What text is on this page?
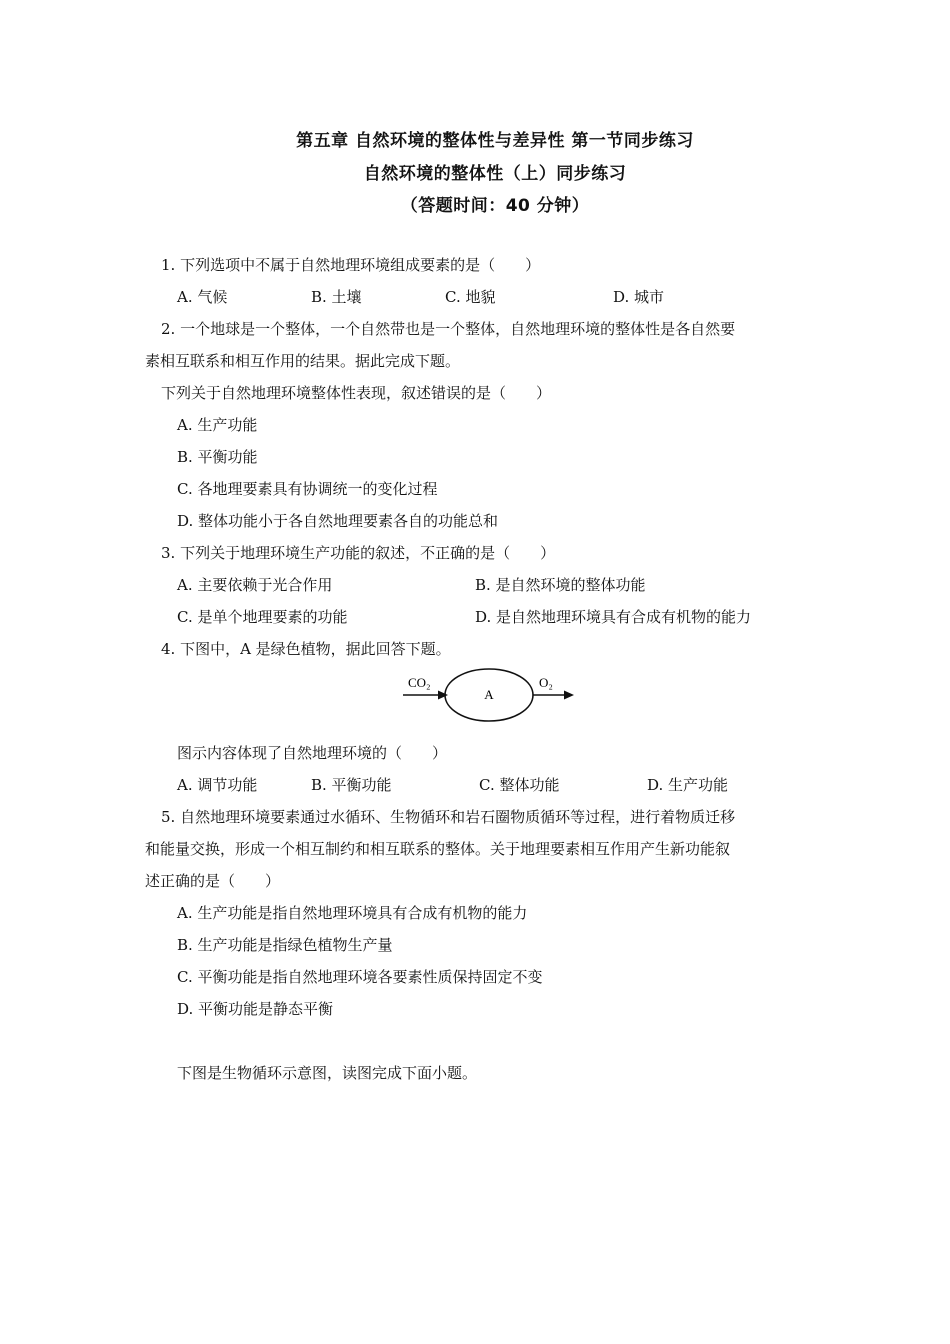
第五章 自然环境的整体性与差异性 第一节同步练习
自然环境的整体性（上）同步练习
（答题时间：40 分钟）
1. 下列选项中不属于自然地理环境组成要素的是（　　）
A. 气候	B. 土壤	C. 地貌	D. 城市
2. 一个地球是一个整体，一个自然带也是一个整体，自然地理环境的整体性是各自然要
素相互联系和相互作用的结果。据此完成下题。
下列关于自然地理环境整体性表现，叙述错误的是（　　）
A. 生产功能
B. 平衡功能
C. 各地理要素具有协调统一的变化过程
D. 整体功能小于各自然地理要素各自的功能总和
3. 下列关于地理环境生产功能的叙述，不正确的是（　　）
A. 主要依赖于光合作用	B. 是自然环境的整体功能
C. 是单个地理要素的功能	D. 是自然地理环境具有合成有机物的能力
4. 下图中，A 是绿色植物，据此回答下题。
CO₂
A
O₂
图示内容体现了自然地理环境的（　　）
A. 调节功能	B. 平衡功能	C. 整体功能	D. 生产功能
5. 自然地理环境要素通过水循环、生物循环和岩石圈物质循环等过程，进行着物质迁移
和能量交换，形成一个相互制约和相互联系的整体。关于地理要素相互作用产生新功能叙
述正确的是（　　）
A. 生产功能是指自然地理环境具有合成有机物的能力
B. 生产功能是指绿色植物生产量
C. 平衡功能是指自然地理环境各要素性质保持固定不变
D. 平衡功能是静态平衡
下图是生物循环示意图，读图完成下面小题。
